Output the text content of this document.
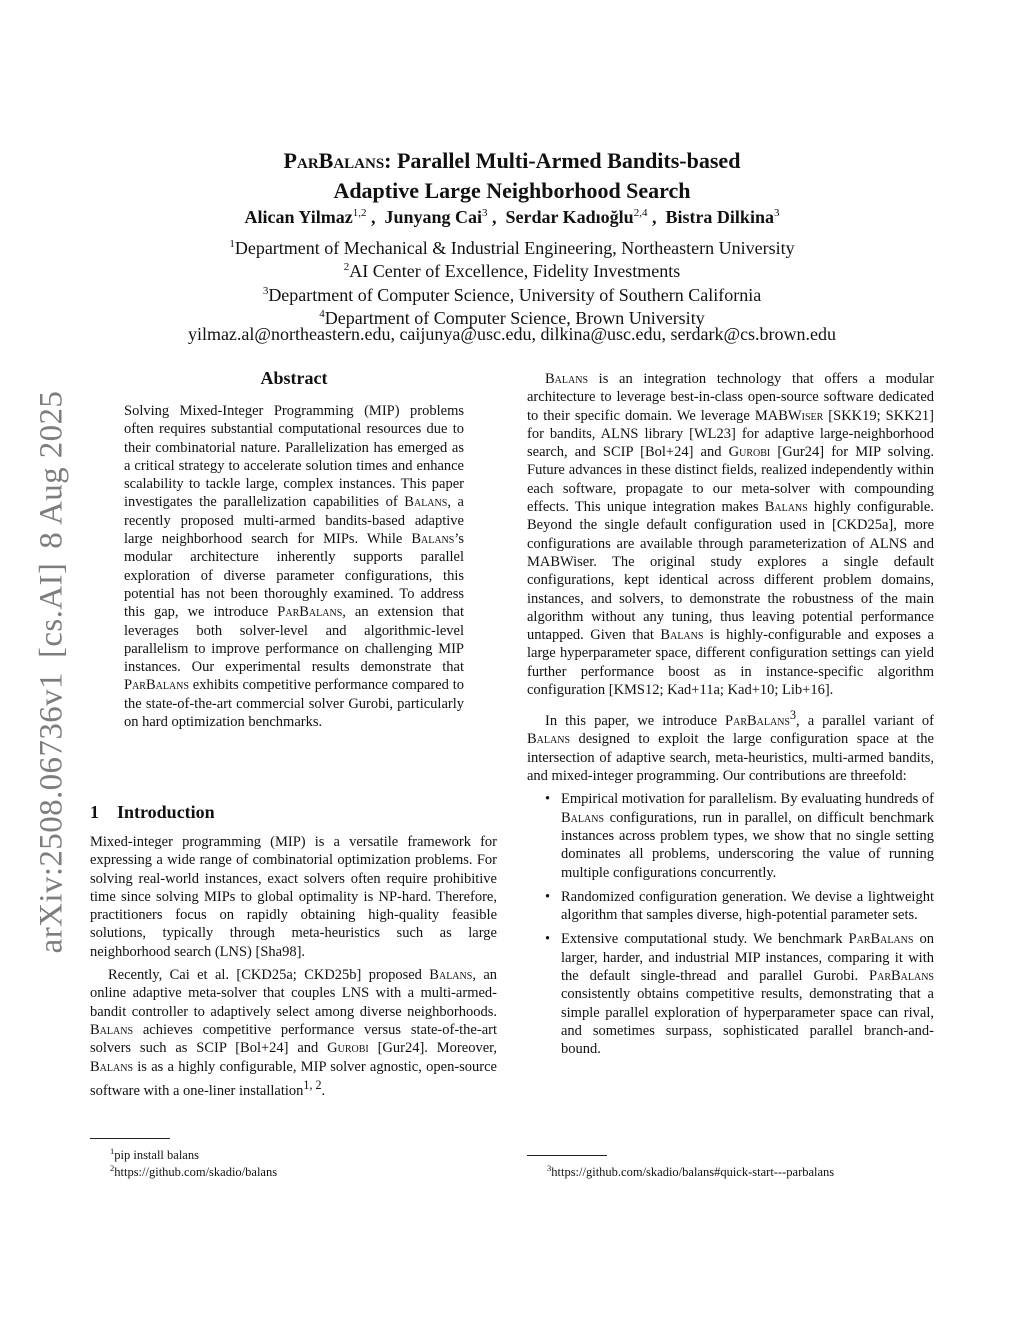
arXiv:2508.06736v1[cs.AI]8 Aug 2025
ParBalans: Parallel Multi-Armed Bandits-based
Adaptive Large Neighborhood Search
Alican Yilmaz$^{1,2}$ ,  Junyang Cai$^3$ ,  Serdar Kadıoğlu$^{2,4}$ ,  Bistra Dilkina$^3$
$^1$Department of Mechanical & Industrial Engineering, Northeastern University
$^2$AI Center of Excellence, Fidelity Investments
$^3$Department of Computer Science, University of Southern California
$^4$Department of Computer Science, Brown University
yilmaz.al@northeastern.edu, caijunya@usc.edu, dilkina@usc.edu, serdark@cs.brown.edu
Abstract
Solving Mixed-Integer Programming (MIP) problems often requires substantial computational resources due to their combinatorial nature. Parallelization has emerged as a critical strategy to accelerate solution times and enhance scalability to tackle large, complex instances. This paper investigates the parallelization capabilities of Balans, a recently proposed multi-armed bandits-based adaptive large neighborhood search for MIPs. While Balans’s modular architecture inherently supports parallel exploration of diverse parameter configurations, this potential has not been thoroughly examined. To address this gap, we introduce ParBalans, an extension that leverages both solver-level and algorithmic-level parallelism to improve performance on challenging MIP instances. Our experimental results demonstrate that ParBalans exhibits competitive performance compared to the state-of-the-art commercial solver Gurobi, particularly on hard optimization benchmarks.
1 Introduction

Mixed-integer programming (MIP) is a versatile framework for expressing a wide range of combinatorial optimization problems. For solving real-world instances, exact solvers often require prohibitive time since solving MIPs to global optimality is NP-hard. Therefore, practitioners focus on rapidly obtaining high-quality feasible solutions, typically through meta-heuristics such as large neighborhood search (LNS) [Sha98].

Recently, Cai et al. [CKD25a; CKD25b] proposed Balans, an online adaptive meta-solver that couples LNS with a multi-armed-bandit controller to adaptively select among diverse neighborhoods. Balans achieves competitive performance versus state-of-the-art solvers such as SCIP [Bol+24] and Gurobi [Gur24]. Moreover, Balans is as a highly configurable, MIP solver agnostic, open-source software with a one-liner installation$^{1, 2}$.

Balans is an integration technology that offers a modular architecture to leverage best-in-class open-source software dedicated to their specific domain. We leverage MABWiser [SKK19; SKK21] for bandits, ALNS library [WL23] for adaptive large-neighborhood search, and SCIP [Bol+24] and Gurobi [Gur24] for MIP solving. Future advances in these distinct fields, realized independently within each software, propagate to our meta-solver with compounding effects. This unique integration makes Balans highly configurable. Beyond the single default configuration used in [CKD25a], more configurations are available through parameterization of ALNS and MABWiser. The original study explores a single default configurations, kept identical across different problem domains, instances, and solvers, to demonstrate the robustness of the main algorithm without any tuning, thus leaving potential performance untapped. Given that Balans is highly-configurable and exposes a large hyperparameter space, different configuration settings can yield further performance boost as in instance-specific algorithm configuration [KMS12; Kad+11a; Kad+10; Lib+16].

In this paper, we introduce ParBalans$^3$, a parallel variant of Balans designed to exploit the large configuration space at the intersection of adaptive search, meta-heuristics, multi-armed bandits, and mixed-integer programming. Our contributions are threefold:

• Empirical motivation for parallelism. By evaluating hundreds of Balans configurations, run in parallel, on difficult benchmark instances across problem types, we show that no single setting dominates all problems, underscoring the value of running multiple configurations concurrently.
• Randomized configuration generation. We devise a lightweight algorithm that samples diverse, high-potential parameter sets.
• Extensive computational study. We benchmark ParBalans on larger, harder, and industrial MIP instances, comparing it with the default single-thread and parallel Gurobi. ParBalans consistently obtains competitive results, demonstrating that a simple parallel exploration of hyperparameter space can rival, and sometimes surpass, sophisticated parallel branch-and-bound.
$^1$pip install balans
$^2$https://github.com/skadio/balans	$^3$https://github.com/skadio/balans#quick-start---parbalans
